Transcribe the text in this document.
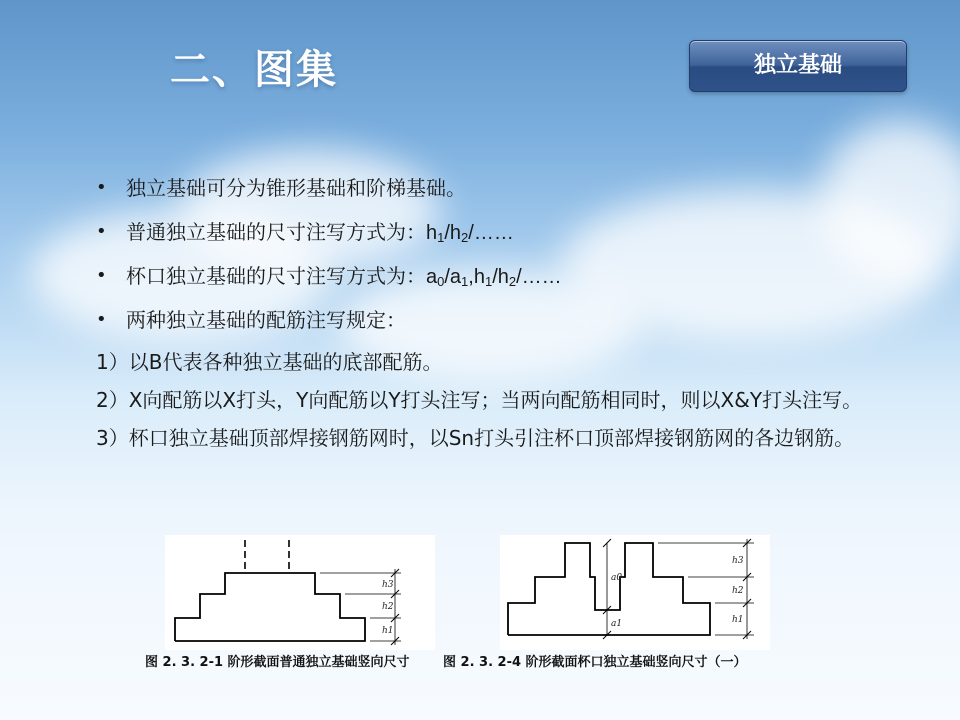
二、图集	独立基础
• 独立基础可分为锥形基础和阶梯基础。
• 普通独立基础的尺寸注写方式为：$h_1/h_2/\dots\dots$
• 杯口独立基础的尺寸注写方式为：$a_0/a_1,h_1/h_2/\dots\dots$
• 两种独立基础的配筋注写规定：
1）以B代表各种独立基础的底部配筋。
2）X向配筋以X打头，Y向配筋以Y打头注写；当两向配筋相同时，则以X&Y打头注写。
3）杯口独立基础顶部焊接钢筋网时，以Sn打头引注杯口顶部焊接钢筋网的各边钢筋。
h3
h2
h1
图 2. 3. 2-1 阶形截面普通独立基础竖向尺寸
a0
a1
h3
h2
h1
图 2. 3. 2-4 阶形截面杯口独立基础竖向尺寸（一）
